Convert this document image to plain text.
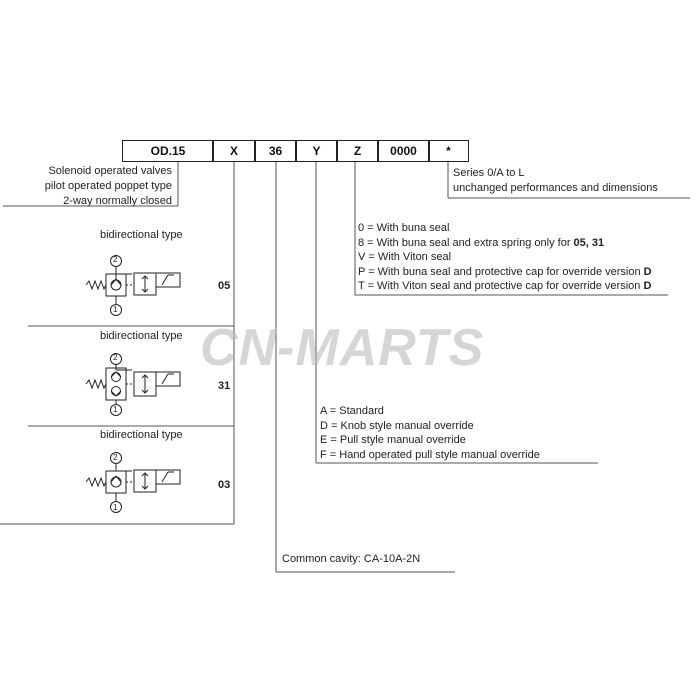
CN-MARTS
OD.15	X	36	Y	Z	0000	*
Solenoid operated valves
pilot operated poppet type
2-way normally closed
Series 0/A to L
unchanged performances and dimensions
0 = With buna seal
8 = With buna seal and extra spring only for 05, 31
V = With Viton seal
P = With buna seal and protective cap for override version D
T = With Viton seal and protective cap for override version D
A = Standard
D = Knob style manual override
E = Pull style manual override
F = Hand operated pull style manual override
Common cavity: CA-10A-2N
bidirectional type
05
2
1
bidirectional type
31
2
1
bidirectional type
03
2
1
